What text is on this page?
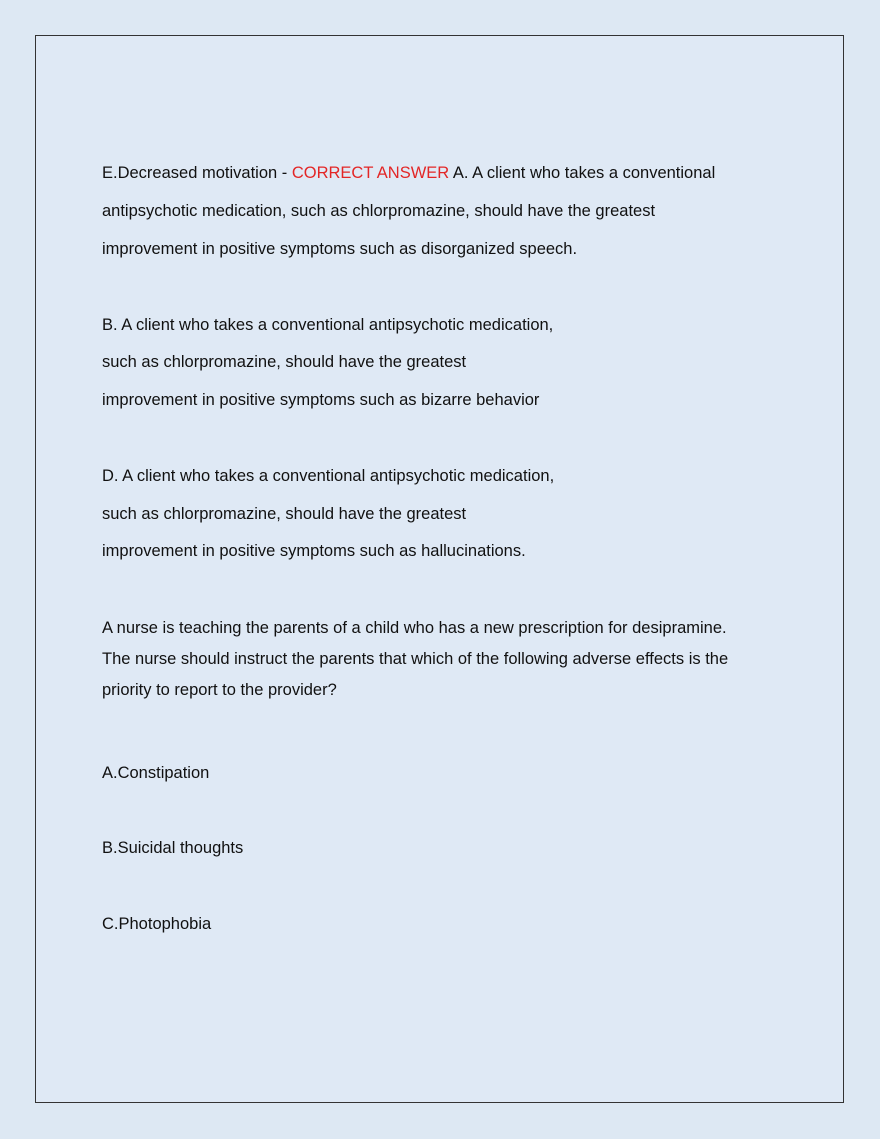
E.Decreased motivation - CORRECT ANSWER A. A client who takes a conventional
antipsychotic medication, such as chlorpromazine, should have the greatest
improvement in positive symptoms such as disorganized speech.
B. A client who takes a conventional antipsychotic medication,
such as chlorpromazine, should have the greatest
improvement in positive symptoms such as bizarre behavior
D. A client who takes a conventional antipsychotic medication,
such as chlorpromazine, should have the greatest
improvement in positive symptoms such as hallucinations.
A nurse is teaching the parents of a child who has a new prescription for desipramine.
The nurse should instruct the parents that which of the following adverse effects is the
priority to report to the provider?
A.Constipation
B.Suicidal thoughts
C.Photophobia
